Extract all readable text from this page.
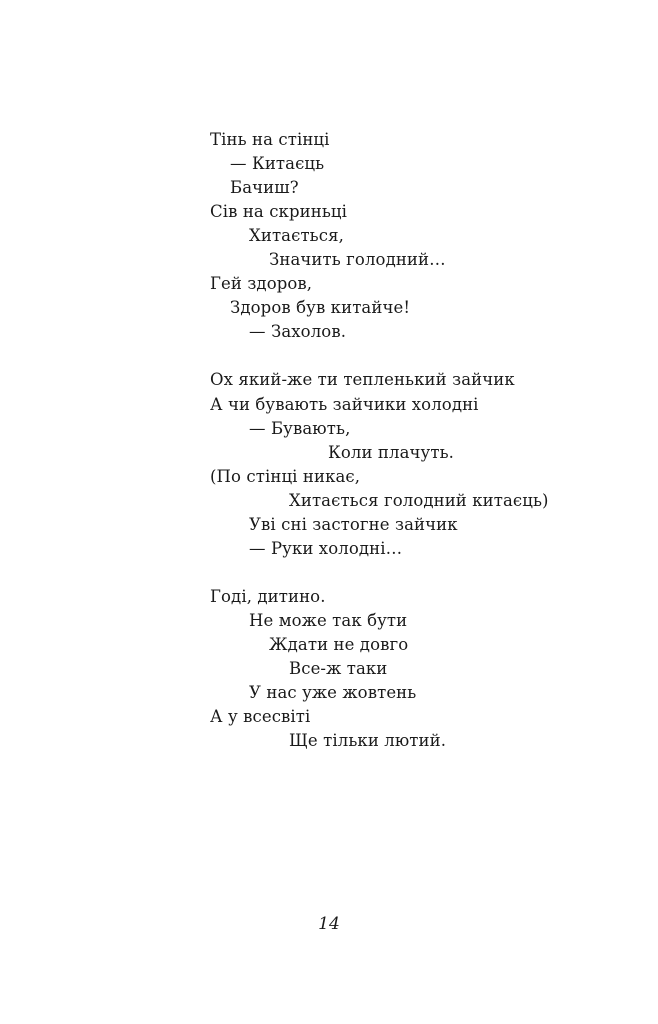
Тінь на стінці
— Китаєць
Бачиш?
Сів на скриньці
Хитається,
Значить голодний…
Гей здоров,
Здоров був китайче!
— Захолов.
Ох який-же ти тепленький зайчик
А чи бувають зайчики холодні
— Бувають,
Коли плачуть.
(По стінці никає,
Хитається голодний китаєць)
Уві сні застогне зайчик
— Руки холодні…
Годі, дитино.
Не може так бути
Ждати не довго
Все-ж таки
У нас уже жовтень
А у всесвіті
Ще тільки лютий.
14
